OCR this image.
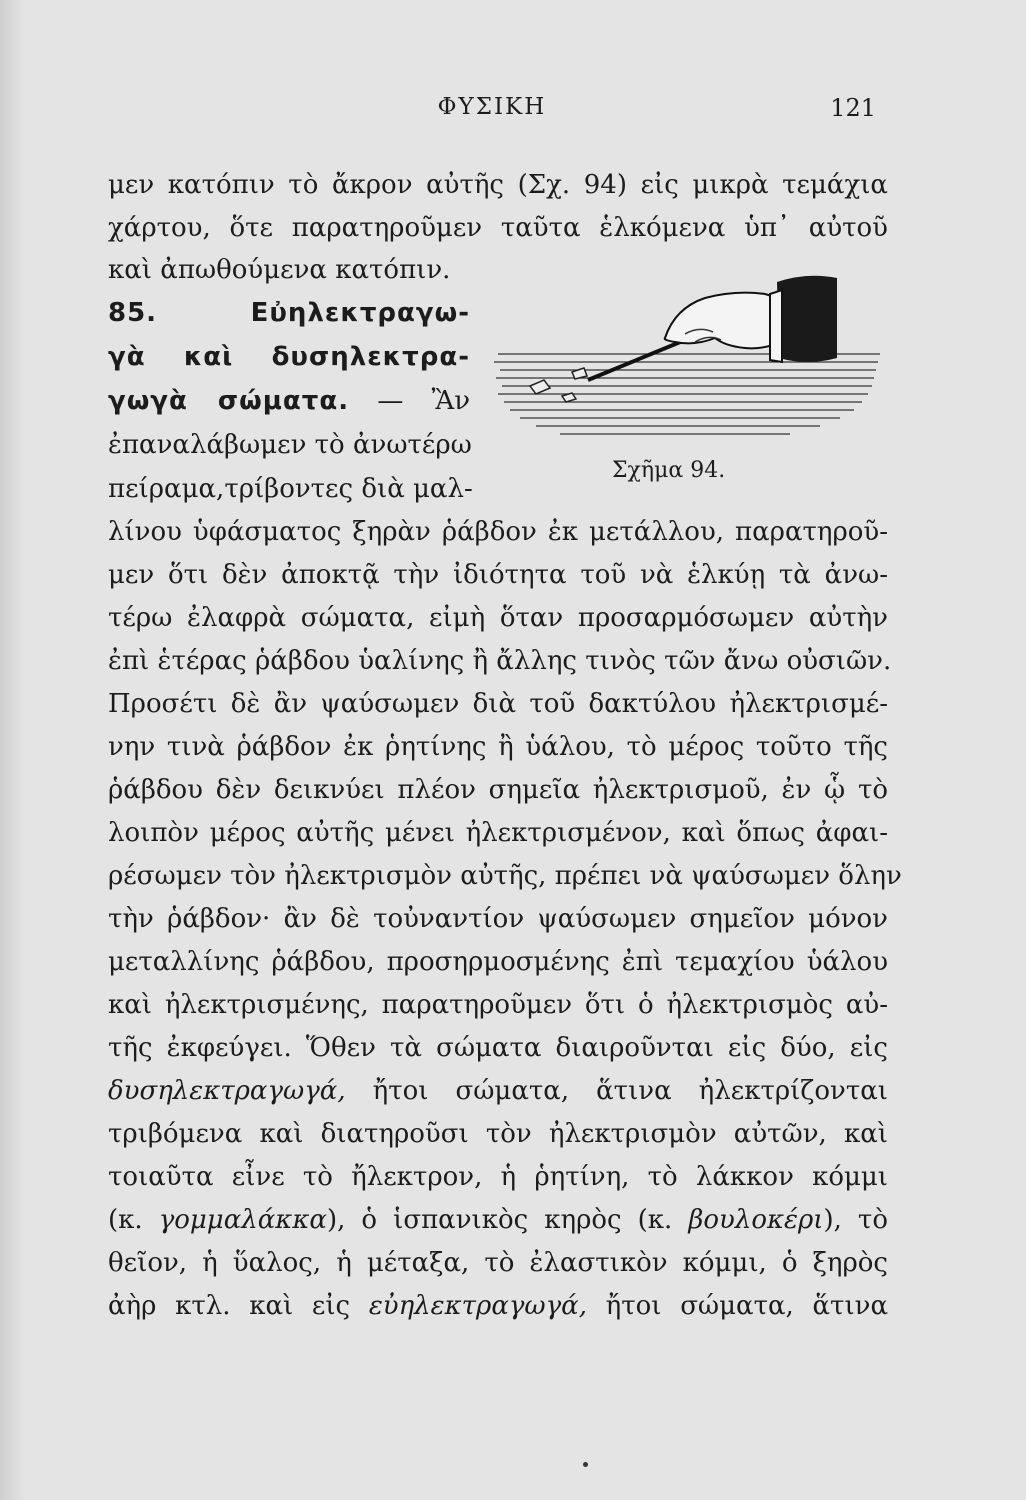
ΦΥΣΙΚΗ	121
μεν κατόπιν τὸ ἄκρον αὐτῆς (Σχ. 94) εἰς μικρὰ τεμάχια
χάρτου, ὅτε παρατηροῦμεν ταῦτα ἑλκόμενα ὑπ᾽ αὐτοῦ
καὶ ἀπωθούμενα κατόπιν.
85.	Εὐηλεκτραγω-
γὰ καὶ δυσηλεκτρα-
γωγὰ σώματα. — Ἂν
ἐπαναλάβωμεν τὸ ἀνωτέρω
πείραμα,τρίβοντες διὰ μαλ-
Σχῆμα 94.
λίνου ὑφάσματος ξηρὰν ῥάβδον ἐκ μετάλλου, παρατηροῦ-
μεν ὅτι δὲν ἀποκτᾷ τὴν ἰδιότητα τοῦ νὰ ἑλκύῃ τὰ ἀνω-
τέρω ἐλαφρὰ σώματα, εἰμὴ ὅταν προσαρμόσωμεν αὐτὴν
ἐπὶ ἑτέρας ῥάβδου ὑαλίνης ἢ ἄλλης τινὸς τῶν ἄνω οὐσιῶν.
Προσέτι δὲ ἂν ψαύσωμεν διὰ τοῦ δακτύλου ἠλεκτρισμέ-
νην τινὰ ῥάβδον ἐκ ῥητίνης ἢ ὑάλου, τὸ μέρος τοῦτο τῆς
ῥάβδου δὲν δεικνύει πλέον σημεῖα ἠλεκτρισμοῦ, ἐν ᾧ τὸ
λοιπὸν μέρος αὐτῆς μένει ἠλεκτρισμένον, καὶ ὅπως ἀφαι-
ρέσωμεν τὸν ἠλεκτρισμὸν αὐτῆς, πρέπει νὰ ψαύσωμεν ὅλην
τὴν ῥάβδον· ἂν δὲ τοὐναντίον ψαύσωμεν σημεῖον μόνον
μεταλλίνης ῥάβδου, προσηρμοσμένης ἐπὶ τεμαχίου ὑάλου
καὶ ἠλεκτρισμένης, παρατηροῦμεν ὅτι ὁ ἠλεκτρισμὸς αὐ-
τῆς ἐκφεύγει. Ὅθεν τὰ σώματα διαιροῦνται εἰς δύο, εἰς
δυσηλεκτραγωγά, ἤτοι σώματα, ἅτινα ἠλεκτρίζονται
τριβόμενα καὶ διατηροῦσι τὸν ἠλεκτρισμὸν αὐτῶν, καὶ
τοιαῦτα εἶνε τὸ ἤλεκτρον, ἡ ῥητίνη, τὸ λάκκον κόμμι
(κ. γομμαλάκκα), ὁ ἱσπανικὸς κηρὸς (κ. βουλοκέρι), τὸ
θεῖον, ἡ ὕαλος, ἡ μέταξα, τὸ ἐλαστικὸν κόμμι, ὁ ξηρὸς
ἀὴρ κτλ. καὶ εἰς εὐηλεκτραγωγά, ἤτοι σώματα, ἅτινα
